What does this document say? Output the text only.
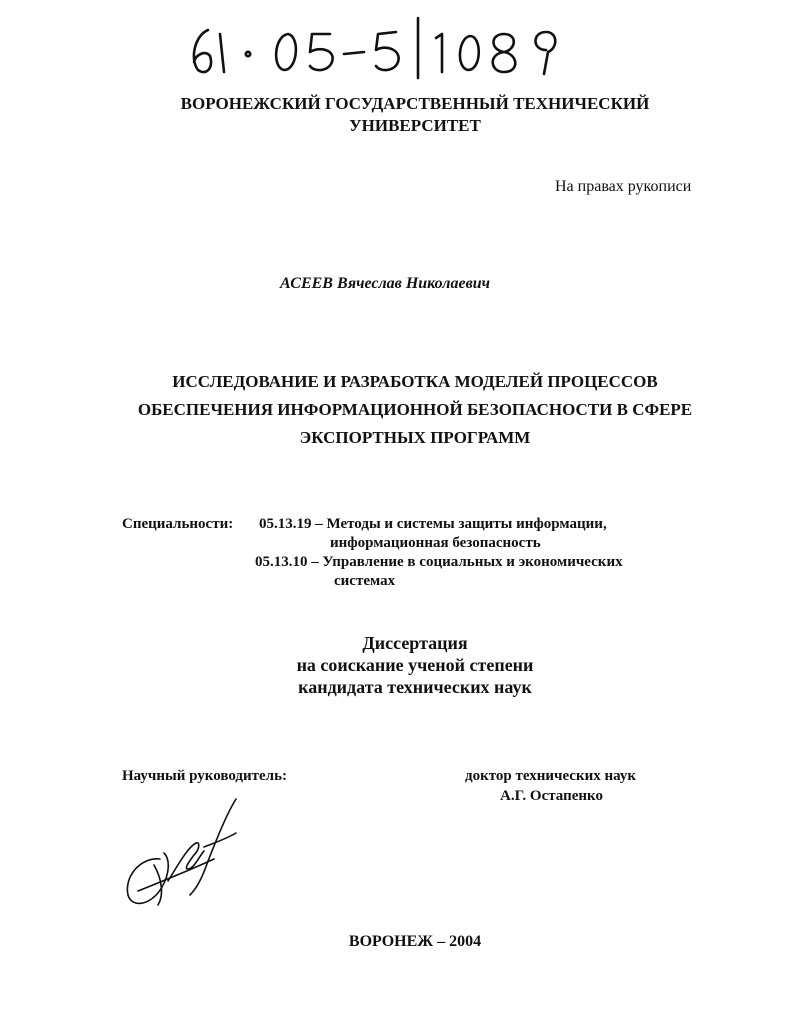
ВОРОНЕЖСКИЙ ГОСУДАРСТВЕННЫЙ ТЕХНИЧЕСКИЙ
УНИВЕРСИТЕТ
На правах рукописи
АСЕЕВ Вячеслав Николаевич
ИССЛЕДОВАНИЕ И РАЗРАБОТКА МОДЕЛЕЙ ПРОЦЕССОВ
ОБЕСПЕЧЕНИЯ ИНФОРМАЦИОННОЙ БЕЗОПАСНОСТИ В СФЕРЕ
ЭКСПОРТНЫХ ПРОГРАММ
Специальности: 05.13.19 – Методы и системы защиты информации,
информационная безопасность
05.13.10 – Управление в социальных и экономических
системах
Диссертация
на соискание ученой степени
кандидата технических наук
Научный руководитель:	доктор технических наук
А.Г. Остапенко
ВОРОНЕЖ – 2004
